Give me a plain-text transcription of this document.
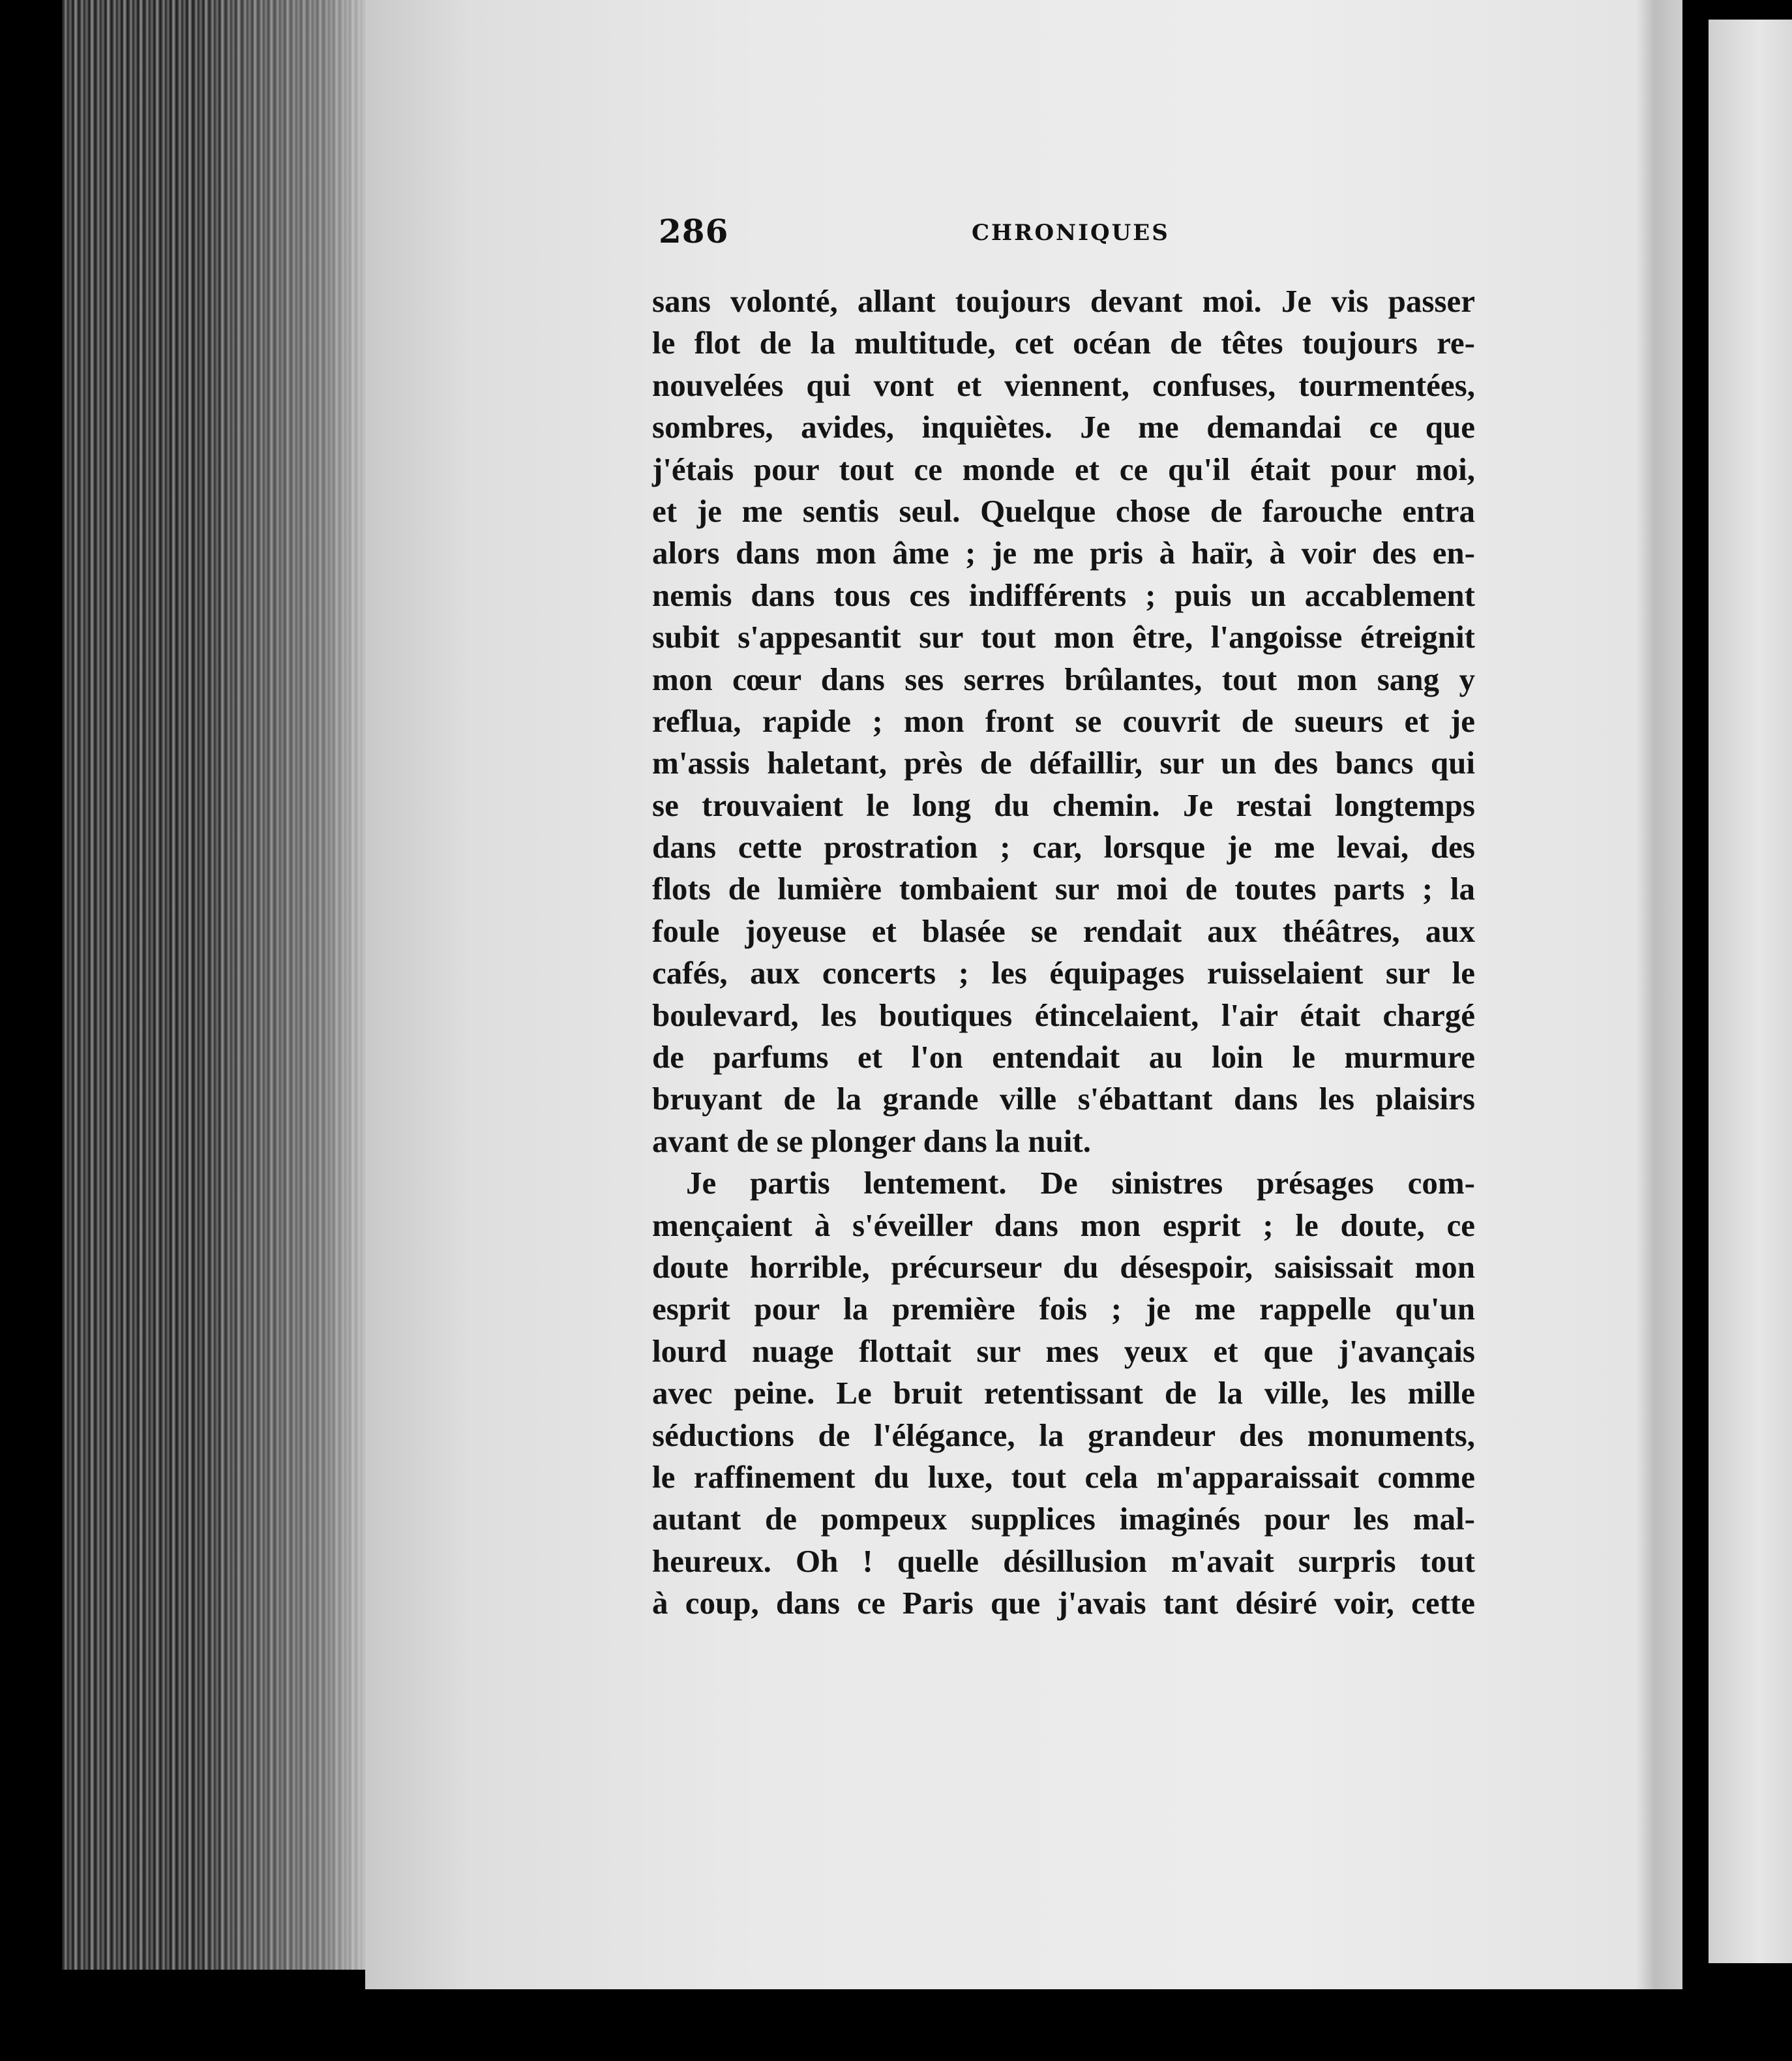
286	CHRONIQUES
sans volonté, allant toujours devant moi. Je vis passer
le flot de la multitude, cet océan de têtes toujours re-
nouvelées qui vont et viennent, confuses, tourmentées,
sombres, avides, inquiètes. Je me demandai ce que
j'étais pour tout ce monde et ce qu'il était pour moi,
et je me sentis seul. Quelque chose de farouche entra
alors dans mon âme ; je me pris à haïr, à voir des en-
nemis dans tous ces indifférents ; puis un accablement
subit s'appesantit sur tout mon être, l'angoisse étreignit
mon cœur dans ses serres brûlantes, tout mon sang y
reflua, rapide ; mon front se couvrit de sueurs et je
m'assis haletant, près de défaillir, sur un des bancs qui
se trouvaient le long du chemin. Je restai longtemps
dans cette prostration ; car, lorsque je me levai, des
flots de lumière tombaient sur moi de toutes parts ; la
foule joyeuse et blasée se rendait aux théâtres, aux
cafés, aux concerts ; les équipages ruisselaient sur le
boulevard, les boutiques étincelaient, l'air était chargé
de parfums et l'on entendait au loin le murmure
bruyant de la grande ville s'ébattant dans les plaisirs
avant de se plonger dans la nuit.
Je partis lentement. De sinistres présages com-
mençaient à s'éveiller dans mon esprit ; le doute, ce
doute horrible, précurseur du désespoir, saisissait mon
esprit pour la première fois ; je me rappelle qu'un
lourd nuage flottait sur mes yeux et que j'avançais
avec peine. Le bruit retentissant de la ville, les mille
séductions de l'élégance, la grandeur des monuments,
le raffinement du luxe, tout cela m'apparaissait comme
autant de pompeux supplices imaginés pour les mal-
heureux. Oh ! quelle désillusion m'avait surpris tout
à coup, dans ce Paris que j'avais tant désiré voir, cette
